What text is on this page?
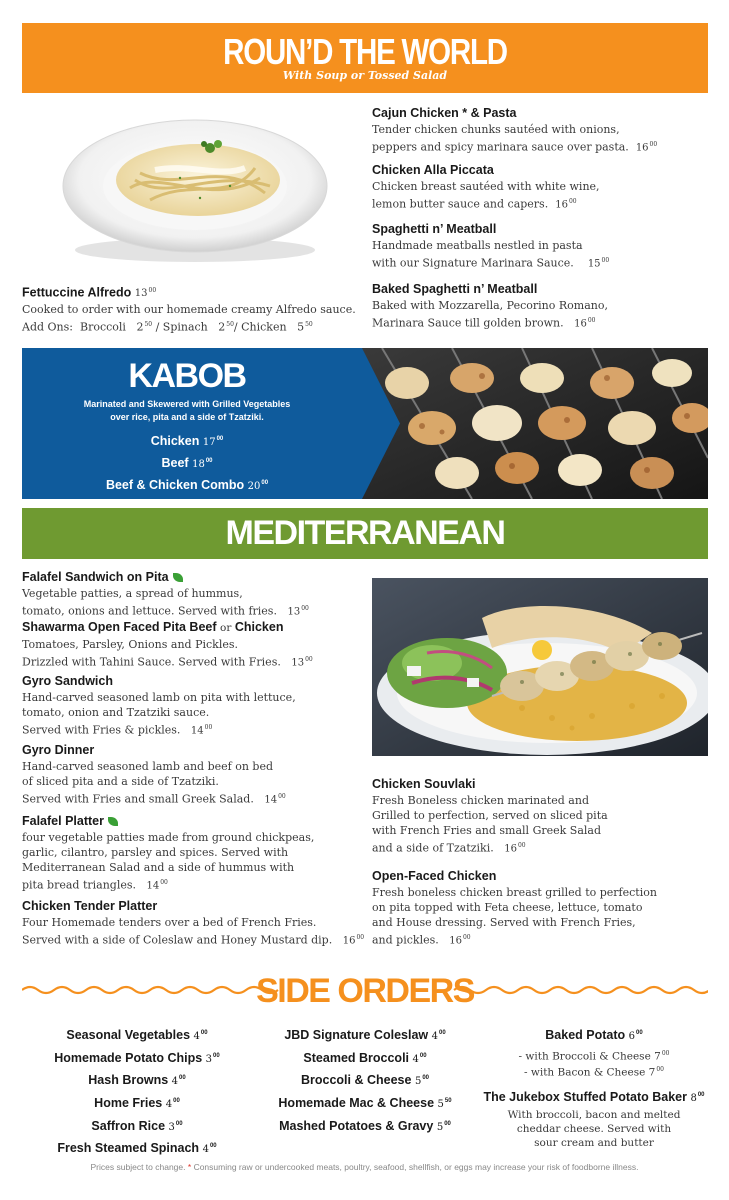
ROUN’D THE WORLD
With Soup or Tossed Salad
Fettuccine Alfredo $13^{00}$
Cooked to order with our homemade creamy Alfredo sauce.
Add Ons: Broccoli $2^{50}$ / Spinach $2^{50}/$ Chicken $5^{50}$
Cajun Chicken * & Pasta
Tender chicken chunks sautéed with onions,
peppers and spicy marinara sauce over pasta. $16^{00}$
Chicken Alla Piccata
Chicken breast sautéed with white wine,
lemon butter sauce and capers. $16^{00}$
Spaghetti n’ Meatball
Handmade meatballs nestled in pasta
with our Signature Marinara Sauce. $15^{00}$
Baked Spaghetti n’ Meatball
Baked with Mozzarella, Pecorino Romano,
Marinara Sauce till golden brown. $16^{00}$
KABOB
Marinated and Skewered with Grilled Vegetables
over rice, pita and a side of Tzatziki.
Chicken $17^{00}$
Beef $18^{00}$
Beef & Chicken Combo $20^{00}$
MEDITERRANEAN
Falafel Sandwich on Pita
Vegetable patties, a spread of hummus,
tomato, onions and lettuce. Served with fries. $13^{00}$
Shawarma Open Faced Pita Beef or Chicken
Tomatoes, Parsley, Onions and Pickles.
Drizzled with Tahini Sauce. Served with Fries. $13^{00}$
Gyro Sandwich
Hand-carved seasoned lamb on pita with lettuce,
tomato, onion and Tzatziki sauce.
Served with Fries & pickles. $14^{00}$
Gyro Dinner
Hand-carved seasoned lamb and beef on bed
of sliced pita and a side of Tzatziki.
Served with Fries and small Greek Salad. $14^{00}$
Falafel Platter
four vegetable patties made from ground chickpeas,
garlic, cilantro, parsley and spices. Served with
Mediterranean Salad and a side of hummus with
pita bread triangles. $14^{00}$
Chicken Tender Platter
Four Homemade tenders over a bed of French Fries.
Served with a side of Coleslaw and Honey Mustard dip. $16^{00}$
Chicken Souvlaki
Fresh Boneless chicken marinated and
Grilled to perfection, served on sliced pita
with French Fries and small Greek Salad
and a side of Tzatziki. $16^{00}$
Open-Faced Chicken
Fresh boneless chicken breast grilled to perfection
on pita topped with Feta cheese, lettuce, tomato
and House dressing. Served with French Fries,
and pickles. $16^{00}$
SIDE ORDERS
Seasonal Vegetables $4^{00}$
Homemade Potato Chips $3^{00}$
Hash Browns $4^{00}$
Home Fries $4^{00}$
Saffron Rice $3^{00}$
Fresh Steamed Spinach $4^{00}$
JBD Signature Coleslaw $4^{00}$
Steamed Broccoli $4^{00}$
Broccoli & Cheese $5^{00}$
Homemade Mac & Cheese $5^{50}$
Mashed Potatoes & Gravy $5^{00}$
Baked Potato $6^{00}$
- with Broccoli & Cheese $7^{00}$
- with Bacon & Cheese $7^{00}$
The Jukebox Stuffed Potato Baker $8^{00}$
With broccoli, bacon and melted
cheddar cheese. Served with
sour cream and butter
Prices subject to change. * Consuming raw or undercooked meats, poultry, seafood, shellfish, or eggs may increase your risk of foodborne illness.
